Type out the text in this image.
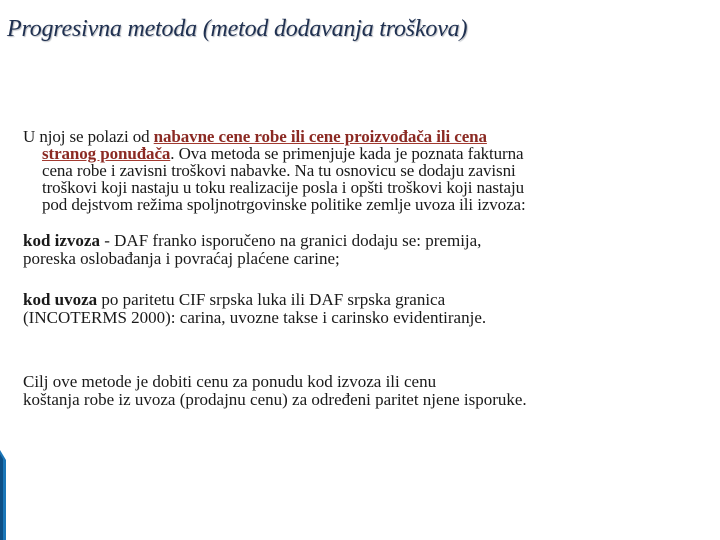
Progresivna metoda (metod dodavanja troškova)
U njoj se polazi od nabavne cene robe ili cene proizvođača ili cena
stranog ponuđača. Ova metoda se primenjuje kada je poznata fakturna
cena robe i zavisni troškovi nabavke. Na tu osnovicu se dodaju zavisni
troškovi koji nastaju u toku realizacije posla i opšti troškovi koji nastaju
pod dejstvom režima spoljnotrgovinske politike zemlje uvoza ili izvoza:
kod izvoza - DAF franko isporučeno na granici dodaju se: premija,
poreska oslobađanja i povraćaj plaćene carine;
kod uvoza po paritetu CIF srpska luka ili DAF srpska granica
(INCOTERMS 2000): carina, uvozne takse i carinsko evidentiranje.
Cilj ove metode je dobiti cenu za ponudu kod izvoza ili cenu
koštanja robe iz uvoza (prodajnu cenu) za određeni paritet njene isporuke.
